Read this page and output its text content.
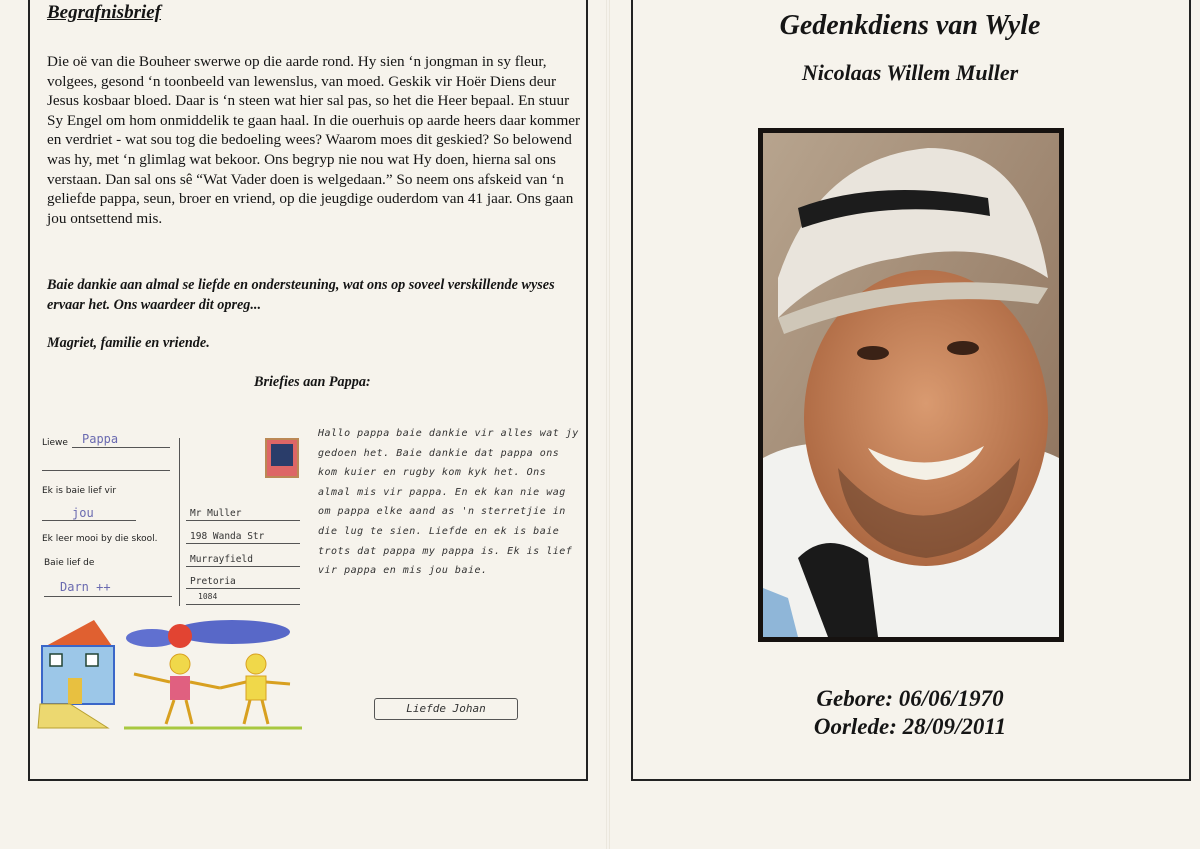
Begrafnisbrief
Die oë van die Bouheer swerwe op die aarde rond. Hy sien ‘n jongman in sy fleur, volgees, gesond ‘n toonbeeld van lewenslus, van moed. Geskik vir Hoër Diens deur Jesus kosbaar bloed. Daar is ‘n steen wat hier sal pas, so het die Heer bepaal. En stuur Sy Engel om hom onmiddelik te gaan haal. In die ouerhuis op aarde heers daar kommer en verdriet - wat sou tog die bedoeling wees? Waarom moes dit geskied? So belowend was hy, met ‘n glimlag wat bekoor. Ons begryp nie nou wat Hy doen, hierna sal ons verstaan. Dan sal ons sê “Wat Vader doen is welgedaan.” So neem ons afskeid van ‘n geliefde pappa, seun, broer en vriend, op die jeugdige ouderdom van 41 jaar. Ons gaan jou ontsettend mis.
Baie dankie aan almal se liefde en ondersteuning, wat ons op soveel verskillende wyses ervaar het. Ons waardeer dit opreg...
Magriet, familie en vriende.
Briefies aan Pappa:
Liewe Pappa
Ek is baie lief vir
jou
Ek leer mooi by die skool.
Baie lief de
Darn ++
Mr Muller
198 Wanda Str
Murrayfield
Pretoria
1084
Hallo pappa baie dankie vir alles wat jy gedoen het. Baie dankie dat pappa ons kom kuier en rugby kom kyk het. Ons almal mis vir pappa. En ek kan nie wag om pappa elke aand as 'n sterretjie in die lug te sien. Liefde en ek is baie trots dat pappa my pappa is. Ek is lief vir pappa en mis jou baie.
Liefde Johan
Gedenkdiens van Wyle
Nicolaas Willem Muller
Gebore: 06/06/1970
Oorlede: 28/09/2011
